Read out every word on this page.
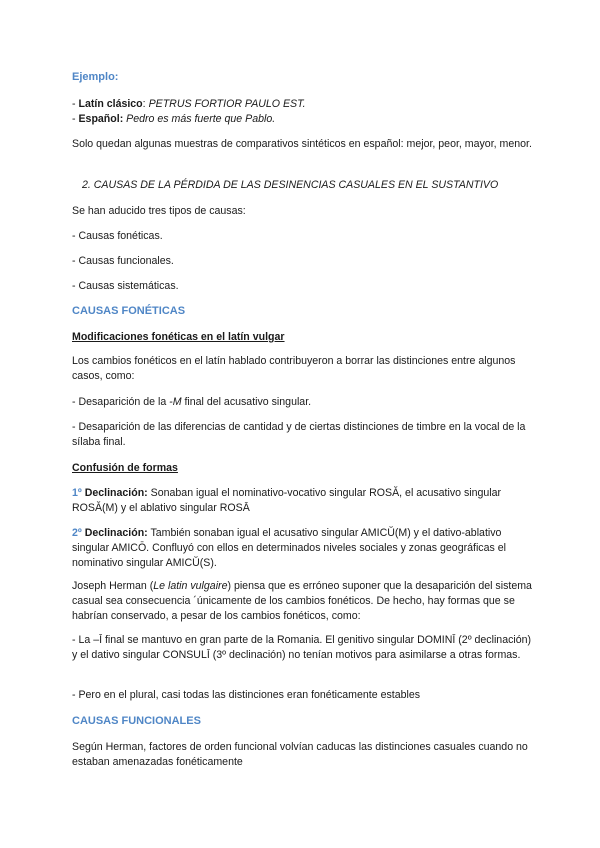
Ejemplo:
- Latín clásico: PETRUS FORTIOR PAULO EST.
- Español: Pedro es más fuerte que Pablo.
Solo quedan algunas muestras de comparativos sintéticos en español: mejor, peor, mayor, menor.
2. CAUSAS DE LA PÉRDIDA DE LAS DESINENCIAS CASUALES EN EL SUSTANTIVO
Se han aducido tres tipos de causas:
- Causas fonéticas.
- Causas funcionales.
- Causas sistemáticas.
CAUSAS FONÉTICAS
Modificaciones fonéticas en el latín vulgar
Los cambios fonéticos en el latín hablado contribuyeron a borrar las distinciones entre algunos casos, como:
- Desaparición de la -M final del acusativo singular.
- Desaparición de las diferencias de cantidad y de ciertas distinciones de timbre en la vocal de la sílaba final.
Confusión de formas
1º Declinación: Sonaban igual el nominativo-vocativo singular ROSĂ, el acusativo singular ROSĂ(M) y el ablativo singular ROSĀ
2º Declinación: También sonaban igual el acusativo singular AMICŬ(M) y el dativo-ablativo singular AMICŌ. Confluyó con ellos en determinados niveles sociales y zonas geográficas el nominativo singular AMICŬ(S).
Joseph Herman (Le latin vulgaire) piensa que es erróneo suponer que la desaparición del sistema casual sea consecuencia ´únicamente de los cambios fonéticos. De hecho, hay formas que se habrían conservado, a pesar de los cambios fonéticos, como:
- La –Ī final se mantuvo en gran parte de la Romania. El genitivo singular DOMINĪ (2º declinación) y el dativo singular CONSULĪ (3º declinación) no tenían motivos para asimilarse a otras formas.
- Pero en el plural, casi todas las distinciones eran fonéticamente estables
CAUSAS FUNCIONALES
Según Herman, factores de orden funcional volvían caducas las distinciones casuales cuando no estaban amenazadas fonéticamente
